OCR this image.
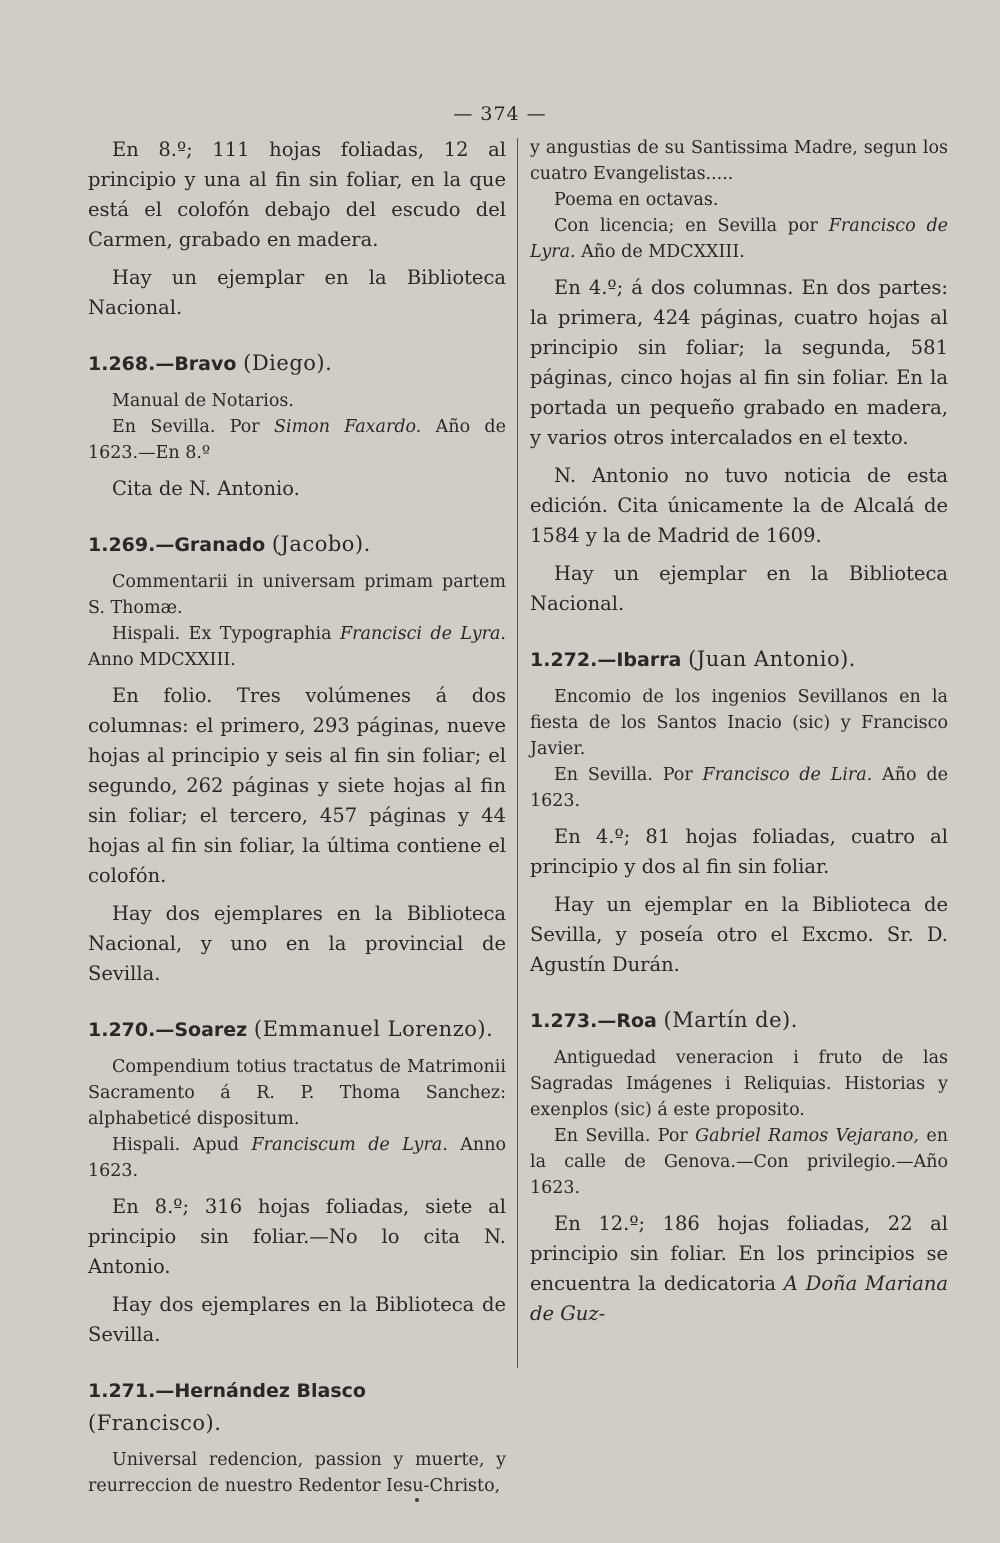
— 374 —

En 8.º; 111 hojas foliadas, 12 al principio y una al fin sin foliar, en la que está el colofón debajo del escudo del Carmen, grabado en madera.

Hay un ejemplar en la Biblioteca Nacional.

1.268.—Bravo (Diego).

Manual de Notarios.

En Sevilla. Por Simon Faxardo. Año de 1623.—En 8.º

Cita de N. Antonio.

1.269.—Granado (Jacobo).

Commentarii in universam primam partem S. Thomæ.

Hispali. Ex Typographia Francisci de Lyra. Anno MDCXXIII.

En folio. Tres volúmenes á dos columnas: el primero, 293 páginas, nueve hojas al principio y seis al fin sin foliar; el segundo, 262 páginas y siete hojas al fin sin foliar; el tercero, 457 páginas y 44 hojas al fin sin foliar, la última contiene el colofón.

Hay dos ejemplares en la Biblioteca Nacional, y uno en la provincial de Sevilla.

1.270.—Soarez (Emmanuel Lorenzo).

Compendium totius tractatus de Matrimonii Sacramento á R. P. Thoma Sanchez: alphabeticé dispositum.

Hispali. Apud Franciscum de Lyra. Anno 1623.

En 8.º; 316 hojas foliadas, siete al principio sin foliar.—No lo cita N. Antonio.

Hay dos ejemplares en la Biblioteca de Sevilla.

1.271.—Hernández Blasco (Francisco).

Universal redencion, passion y muerte, y reurreccion de nuestro Redentor Iesu-Christo,

y angustias de su Santissima Madre, segun los cuatro Evangelistas.....

Poema en octavas.

Con licencia; en Sevilla por Francisco de Lyra. Año de MDCXXIII.

En 4.º; á dos columnas. En dos partes: la primera, 424 páginas, cuatro hojas al principio sin foliar; la segunda, 581 páginas, cinco hojas al fin sin foliar. En la portada un pequeño grabado en madera, y varios otros intercalados en el texto.

N. Antonio no tuvo noticia de esta edición. Cita únicamente la de Alcalá de 1584 y la de Madrid de 1609.

Hay un ejemplar en la Biblioteca Nacional.

1.272.—Ibarra (Juan Antonio).

Encomio de los ingenios Sevillanos en la fiesta de los Santos Inacio (sic) y Francisco Javier.

En Sevilla. Por Francisco de Lira. Año de 1623.

En 4.º; 81 hojas foliadas, cuatro al principio y dos al fin sin foliar.

Hay un ejemplar en la Biblioteca de Sevilla, y poseía otro el Excmo. Sr. D. Agustín Durán.

1.273.—Roa (Martín de).

Antiguedad veneracion i fruto de las Sagradas Imágenes i Reliquias. Historias y exenplos (sic) á este proposito.

En Sevilla. Por Gabriel Ramos Vejarano, en la calle de Genova.—Con privilegio.—Año 1623.

En 12.º; 186 hojas foliadas, 22 al principio sin foliar. En los principios se encuentra la dedicatoria A Doña Mariana de Guz-
